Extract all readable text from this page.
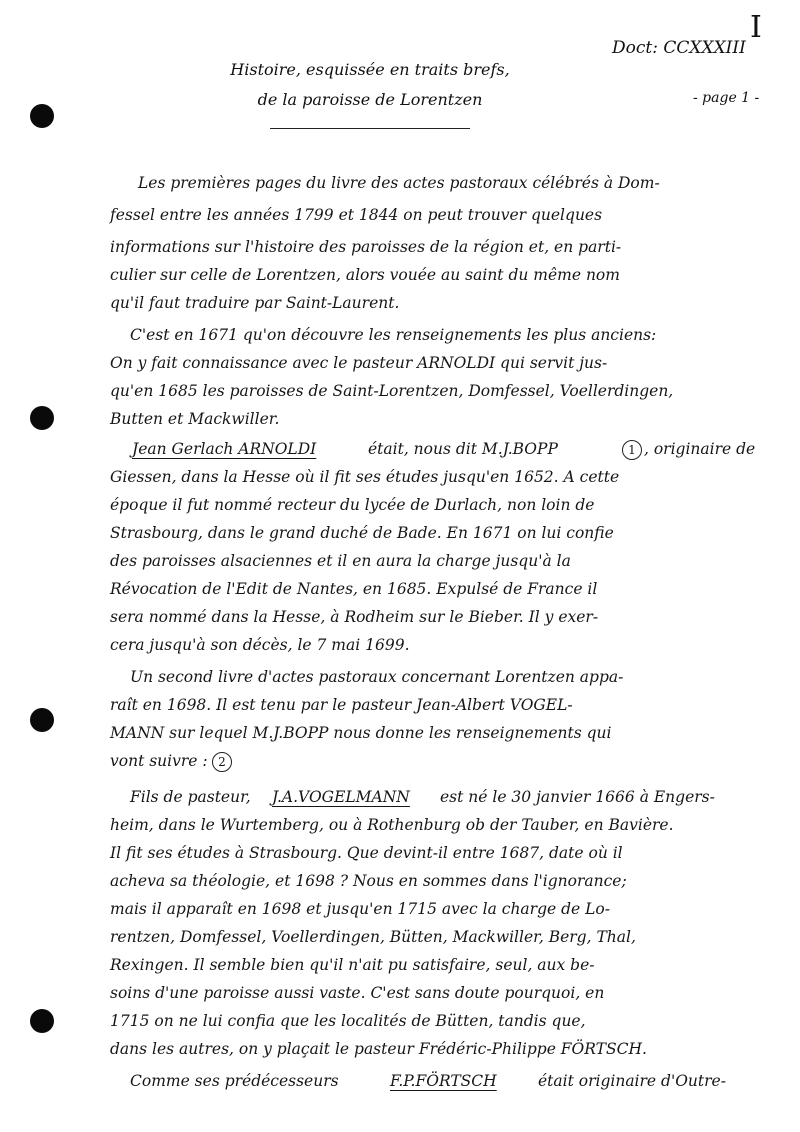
I
Doct: CCXXXIII
- page 1 -
Histoire, esquissée en traits brefs,
de la paroisse de Lorentzen
Les premières pages du livre des actes pastoraux célébrés à Dom-
fessel entre les années 1799 et 1844 on peut trouver quelques
informations sur l'histoire des paroisses de la région et, en parti-
culier sur celle de Lorentzen, alors vouée au saint du même nom
qu'il faut traduire par Saint-Laurent.
C'est en 1671 qu'on découvre les renseignements les plus anciens:
On y fait connaissance avec le pasteur ARNOLDI qui servit jus-
qu'en 1685 les paroisses de Saint-Lorentzen, Domfessel, Voellerdingen,
Butten et Mackwiller.
Jean Gerlach ARNOLDI	était, nous dit M.J.BOPP	1 , originaire de
Giessen, dans la Hesse où il fit ses études jusqu'en 1652. A cette
époque il fut nommé recteur du lycée de Durlach, non loin de
Strasbourg, dans le grand duché de Bade. En 1671 on lui confie
des paroisses alsaciennes et il en aura la charge jusqu'à la
Révocation de l'Edit de Nantes, en 1685. Expulsé de France il
sera nommé dans la Hesse, à Rodheim sur le Bieber. Il y exer-
cera jusqu'à son décès, le 7 mai 1699.
Un second livre d'actes pastoraux concernant Lorentzen appa-
raît en 1698. Il est tenu par le pasteur Jean-Albert VOGEL-
MANN sur lequel M.J.BOPP nous donne les renseignements qui
vont suivre : 2
Fils de pasteur, J.A.VOGELMANN est né le 30 janvier 1666 à Engers-
heim, dans le Wurtemberg, ou à Rothenburg ob der Tauber, en Bavière.
Il fit ses études à Strasbourg. Que devint-il entre 1687, date où il
acheva sa théologie, et 1698 ? Nous en sommes dans l'ignorance;
mais il apparaît en 1698 et jusqu'en 1715 avec la charge de Lo-
rentzen, Domfessel, Voellerdingen, Bütten, Mackwiller, Berg, Thal,
Rexingen. Il semble bien qu'il n'ait pu satisfaire, seul, aux be-
soins d'une paroisse aussi vaste. C'est sans doute pourquoi, en
1715 on ne lui confia que les localités de Bütten, tandis que,
dans les autres, on y plaçait le pasteur Frédéric-Philippe FÖRTSCH.
Comme ses prédécesseurs	F.P.FÖRTSCH	était originaire d'Outre-
